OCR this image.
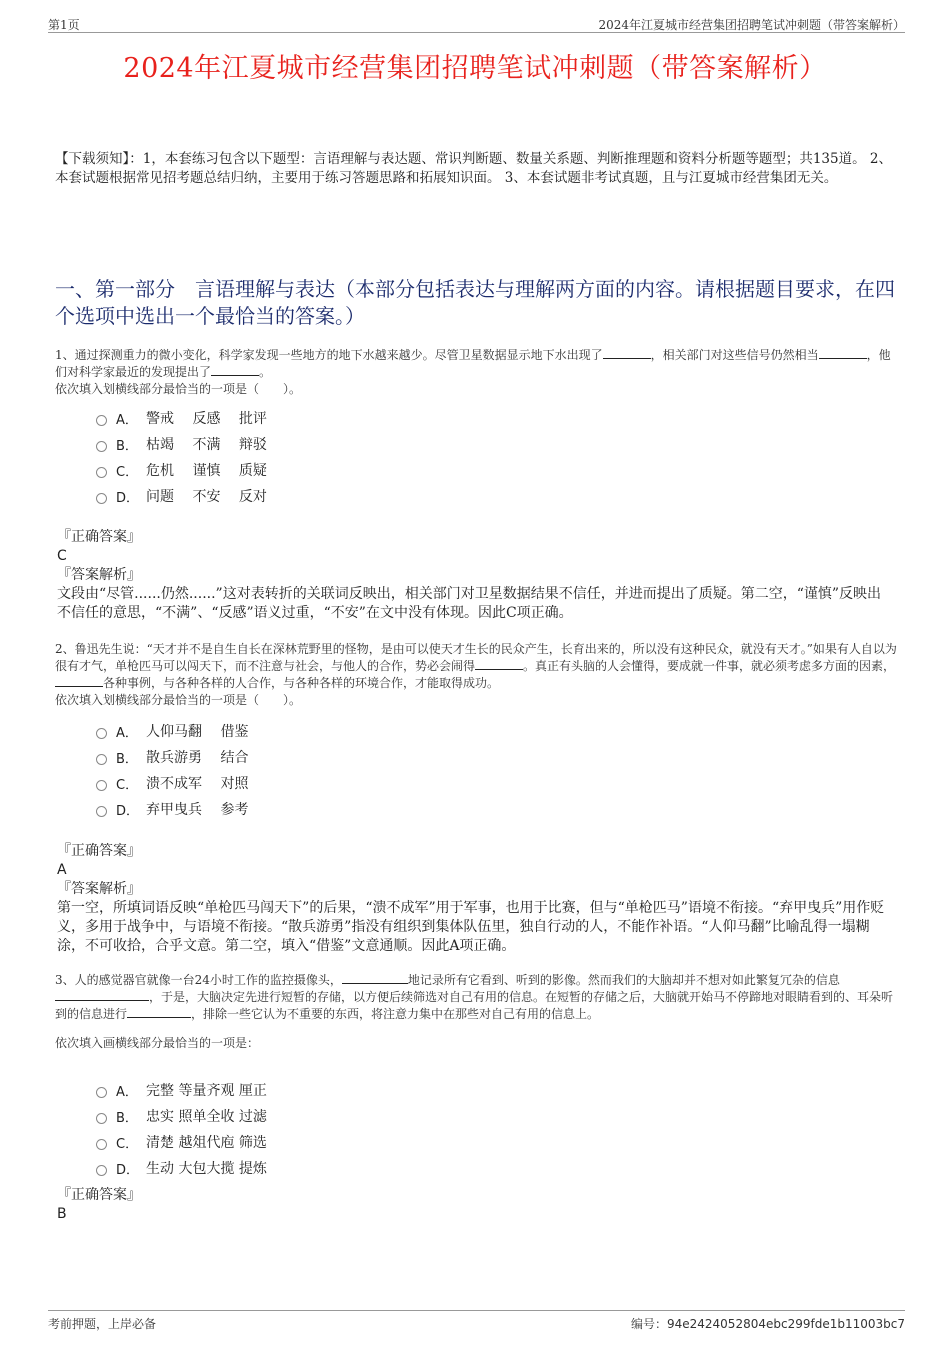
第1页	2024年江夏城市经营集团招聘笔试冲刺题（带答案解析）
2024年江夏城市经营集团招聘笔试冲刺题（带答案解析）
【下载须知】：1，本套练习包含以下题型：言语理解与表达题、常识判断题、数量关系题、判断推理题和资料分析题等题型；共135道。 2、本套试题根据常见招考题总结归纳，主要用于练习答题思路和拓展知识面。 3、本套试题非考试真题，且与江夏城市经营集团无关。
一、第一部分　言语理解与表达（本部分包括表达与理解两方面的内容。请根据题目要求，在四个选项中选出一个最恰当的答案。）
1、通过探测重力的微小变化，科学家发现一些地方的地下水越来越少。尽管卫星数据显示地下水出现了	，相关部门对这些信号仍然相当	，他们对科学家最近的发现提出了	。
依次填入划横线部分最恰当的一项是（　　）。
A． 警戒　 反感　 批评
B． 枯竭　 不满　 辩驳
C． 危机　 谨慎　 质疑
D． 问题　 不安　 反对
『正确答案』
C
『答案解析』
文段由“尽管......仍然......”这对表转折的关联词反映出，相关部门对卫星数据结果不信任，并进而提出了质疑。第二空，“谨慎”反映出不信任的意思，“不满”、“反感”语义过重，“不安”在文中没有体现。因此C项正确。
2、鲁迅先生说：“天才并不是自生自长在深林荒野里的怪物，是由可以使天才生长的民众产生，长育出来的，所以没有这种民众，就没有天才。”如果有人自以为很有才气，单枪匹马可以闯天下，而不注意与社会，与他人的合作，势必会闹得	。真正有头脑的人会懂得，要成就一件事，就必须考虑多方面的因素，各种事例，与各种各样的人合作，与各种各样的环境合作，才能取得成功。
依次填入划横线部分最恰当的一项是（　　）。
A． 人仰马翻　 借鉴
B． 散兵游勇　 结合
C． 溃不成军　 对照
D． 弃甲曳兵　 参考
『正确答案』
A
『答案解析』
第一空，所填词语反映“单枪匹马闯天下”的后果，“溃不成军”用于军事，也用于比赛，但与“单枪匹马”语境不衔接。“弃甲曳兵”用作贬义，多用于战争中，与语境不衔接。“散兵游勇”指没有组织到集体队伍里，独自行动的人，不能作补语。“人仰马翻”比喻乱得一塌糊涂，不可收拾，合乎文意。第二空，填入“借鉴”文意通顺。因此A项正确。
3、人的感觉器官就像一台24小时工作的监控摄像头，	地记录所有它看到、听到的影像。然而我们的大脑却并不想对如此繁复冗杂的信息，于是，大脑决定先进行短暂的存储，以方便后续筛选对自己有用的信息。在短暂的存储之后，大脑就开始马不停蹄地对眼睛看到的、耳朵听到的信息进行	，排除一些它认为不重要的东西，将注意力集中在那些对自己有用的信息上。
依次填入画横线部分最恰当的一项是：
A． 完整 等量齐观 厘正
B． 忠实 照单全收 过滤
C． 清楚 越俎代庖 筛选
D． 生动 大包大揽 提炼
『正确答案』
B
考前押题，上岸必备	编号：94e2424052804ebc299fde1b11003bc7
